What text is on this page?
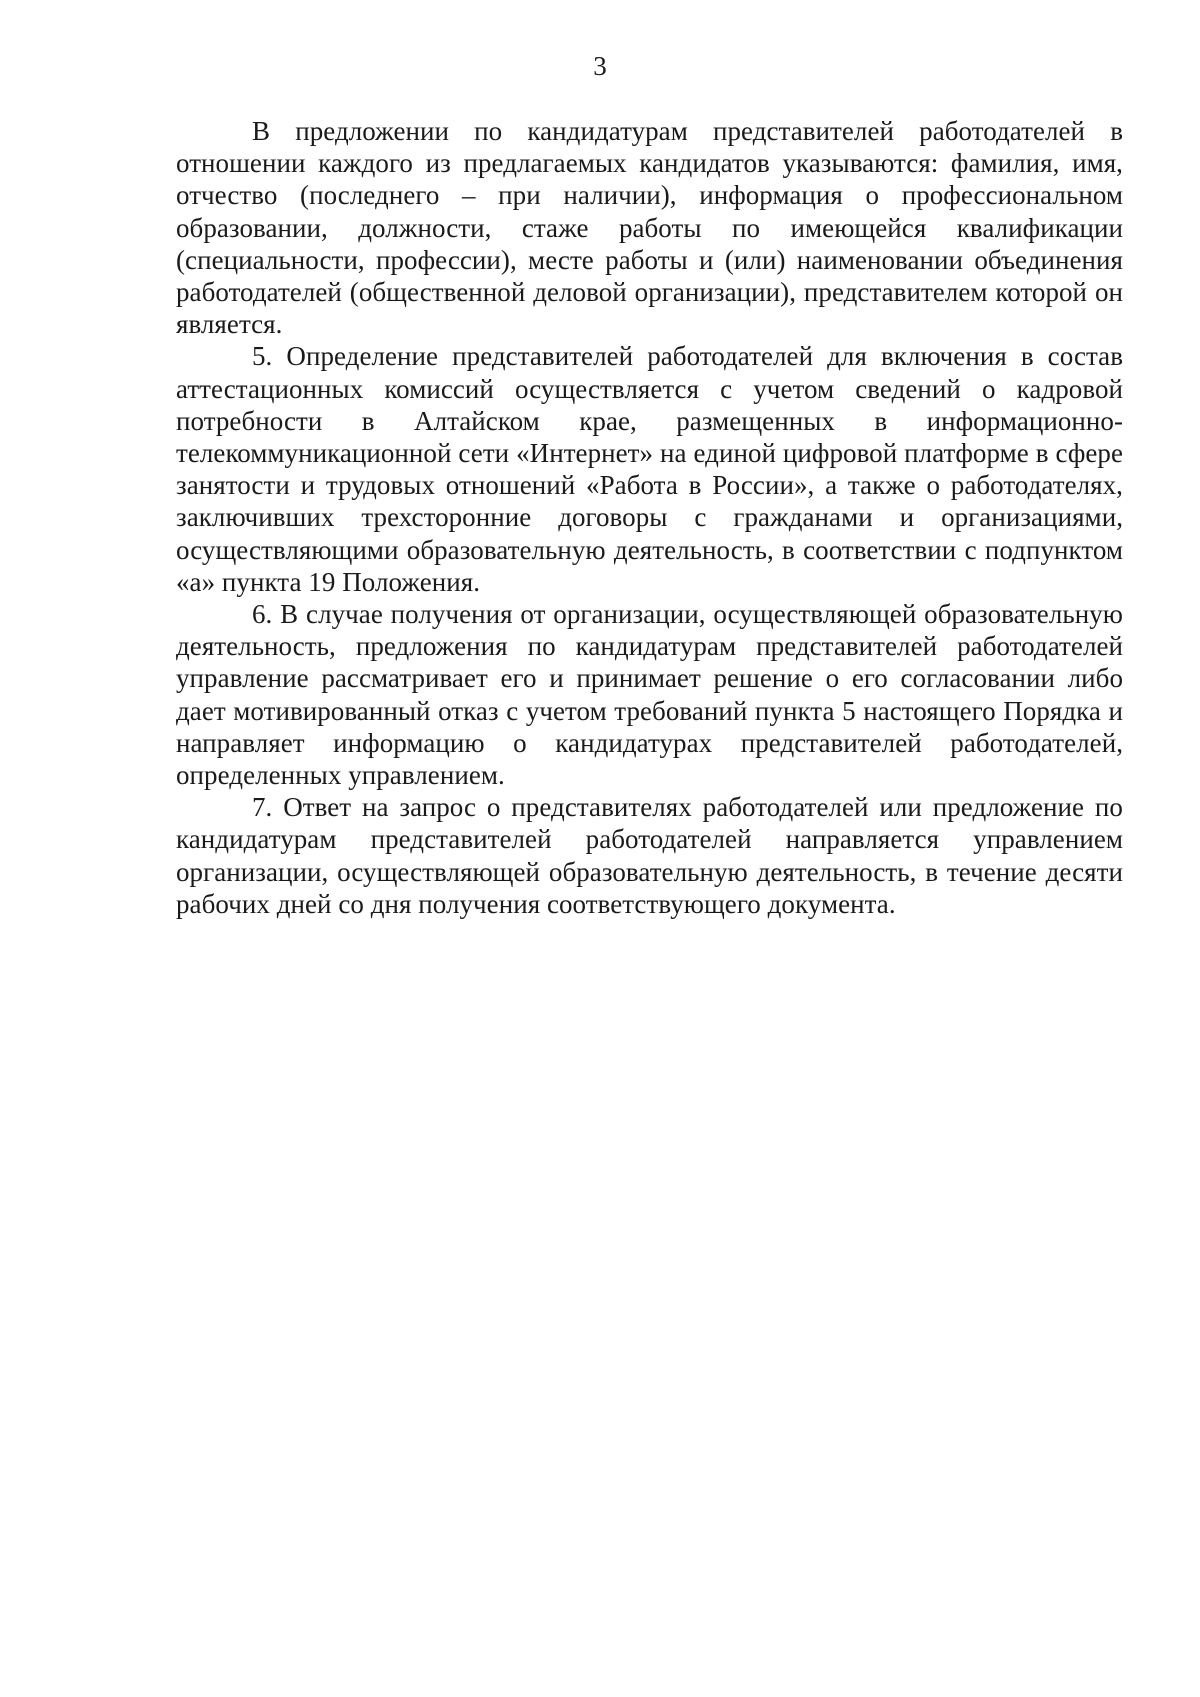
3

В предложении по кандидатурам представителей работодателей в отношении каждого из предлагаемых кандидатов указываются: фамилия, имя, отчество (последнего – при наличии), информация о профессиональном образовании, должности, стаже работы по имеющейся квалификации (специальности, профессии), месте работы и (или) наименовании объединения работодателей (общественной деловой организации), представителем которой он является.

5. Определение представителей работодателей для включения в состав аттестационных комиссий осуществляется с учетом сведений о кадровой потребности в Алтайском крае, размещенных в информационно-телекоммуникационной сети «Интернет» на единой цифровой платформе в сфере занятости и трудовых отношений «Работа в России», а также о работодателях, заключивших трехсторонние договоры с гражданами и организациями, осуществляющими образовательную деятельность, в соответствии с подпунктом «а» пункта 19 Положения.

6. В случае получения от организации, осуществляющей образовательную деятельность, предложения по кандидатурам представителей работодателей управление рассматривает его и принимает решение о его согласовании либо дает мотивированный отказ с учетом требований пункта 5 настоящего Порядка и направляет информацию о кандидатурах представителей работодателей, определенных управлением.

7. Ответ на запрос о представителях работодателей или предложение по кандидатурам представителей работодателей направляется управлением организации, осуществляющей образовательную деятельность, в течение десяти рабочих дней со дня получения соответствующего документа.
